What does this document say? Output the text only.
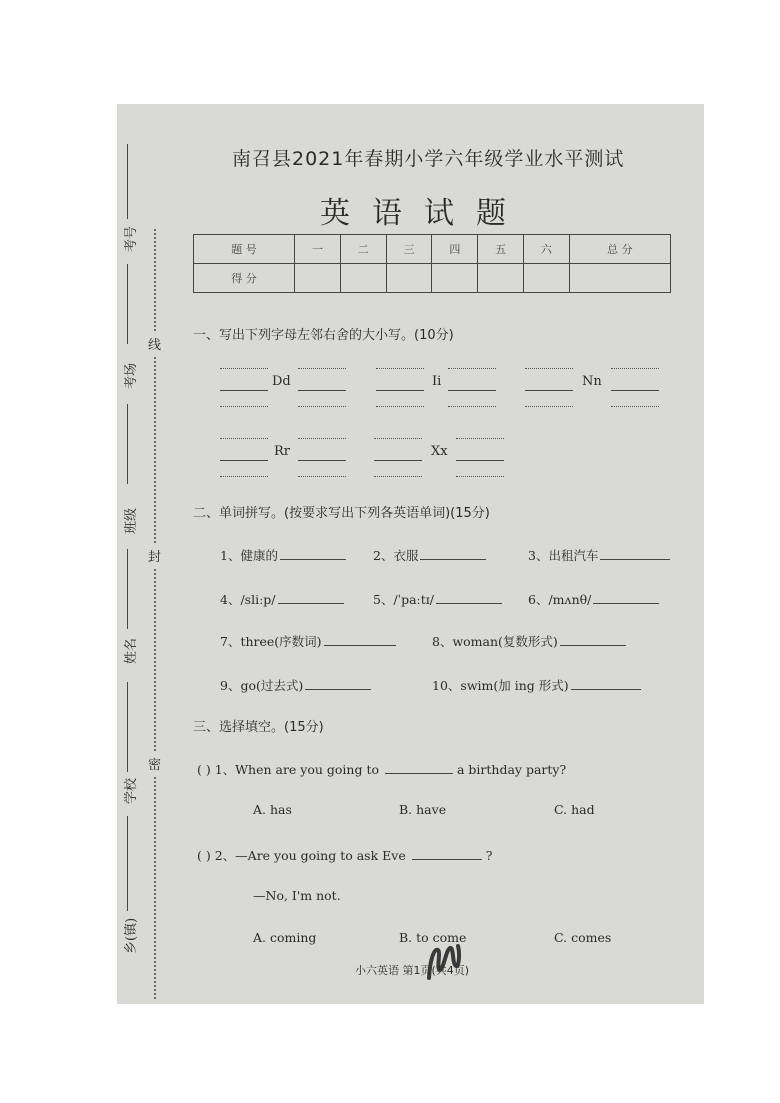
线
封
密
考号
考场
班级
姓名
学校
乡(镇)
南召县2021年春期小学六年级学业水平测试
英语试题
题 号	一	二	三	四	五	六	总 分
得 分							
一、写出下列字母左邻右舍的大小写。(10分)
Dd	Ii	Nn
Rr	Xx
二、单词拼写。(按要求写出下列各英语单词)(15分)
1、健康的	2、衣服	3、出租汽车
4、/sliːp/	5、/ˈpaːtɪ/	6、/mʌnθ/
7、three(序数词)	8、woman(复数形式)
9、go(过去式)	10、swim(加 ing 形式)
三、选择填空。(15分)
( ) 1、When are you going to	a birthday party?
A. has	B. have	C. had
( ) 2、—Are you going to ask Eve	?
—No, I'm not.
A. coming	B. to come	C. comes
小六英语 第1页(共4页)
